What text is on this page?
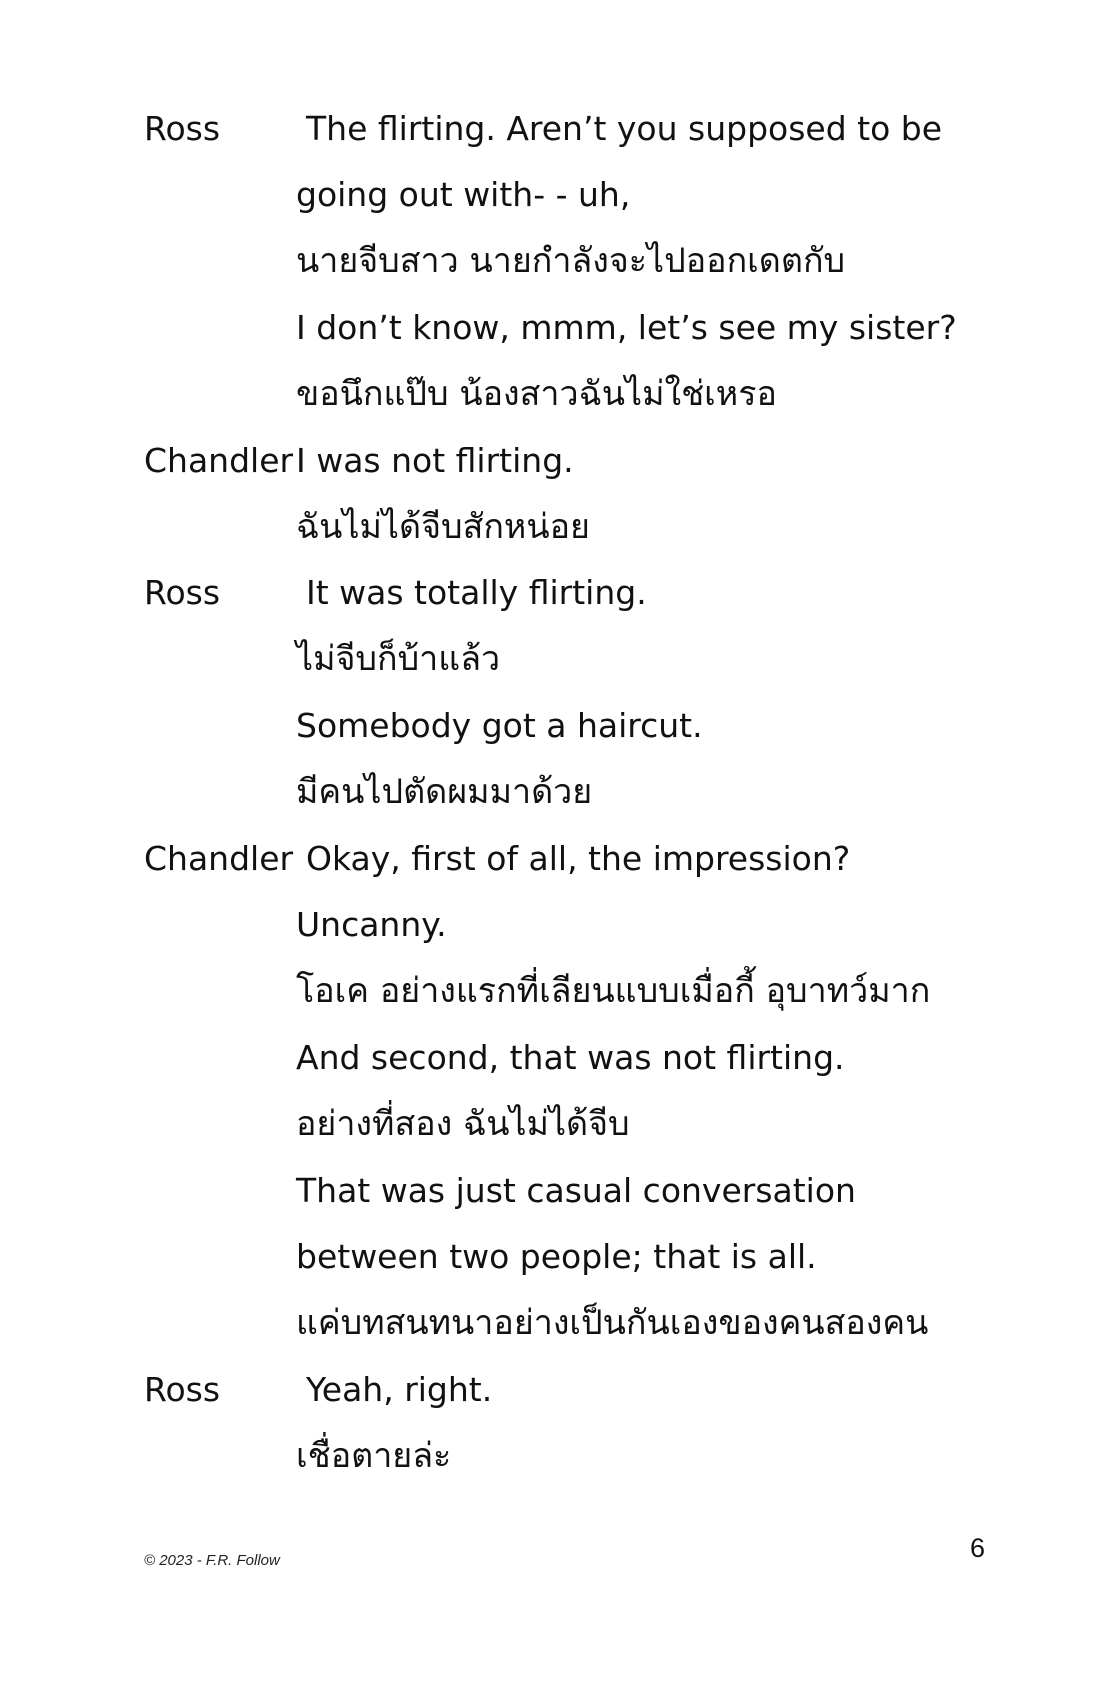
Ross	The flirting. Aren’t you supposed to be
going out with- - uh,
นายจีบสาว นายกำลังจะไปออกเดตกับ
I don’t know, mmm, let’s see my sister?
ขอนึกแป๊บ น้องสาวฉันไม่ใช่เหรอ
Chandler I was not flirting.
ฉันไม่ได้จีบสักหน่อย
Ross	It was totally flirting.
ไม่จีบก็บ้าแล้ว
Somebody got a haircut.
มีคนไปตัดผมมาด้วย
Chandler Okay, first of all, the impression?
Uncanny.
โอเค อย่างแรกที่เลียนแบบเมื่อกี้ อุบาทว์มาก
And second, that was not flirting.
อย่างที่สอง ฉันไม่ได้จีบ
That was just casual conversation
between two people; that is all.
แค่บทสนทนาอย่างเป็นกันเองของคนสองคน
Ross	Yeah, right.
เชื่อตายล่ะ
© 2023 - F.R. Follow	6
